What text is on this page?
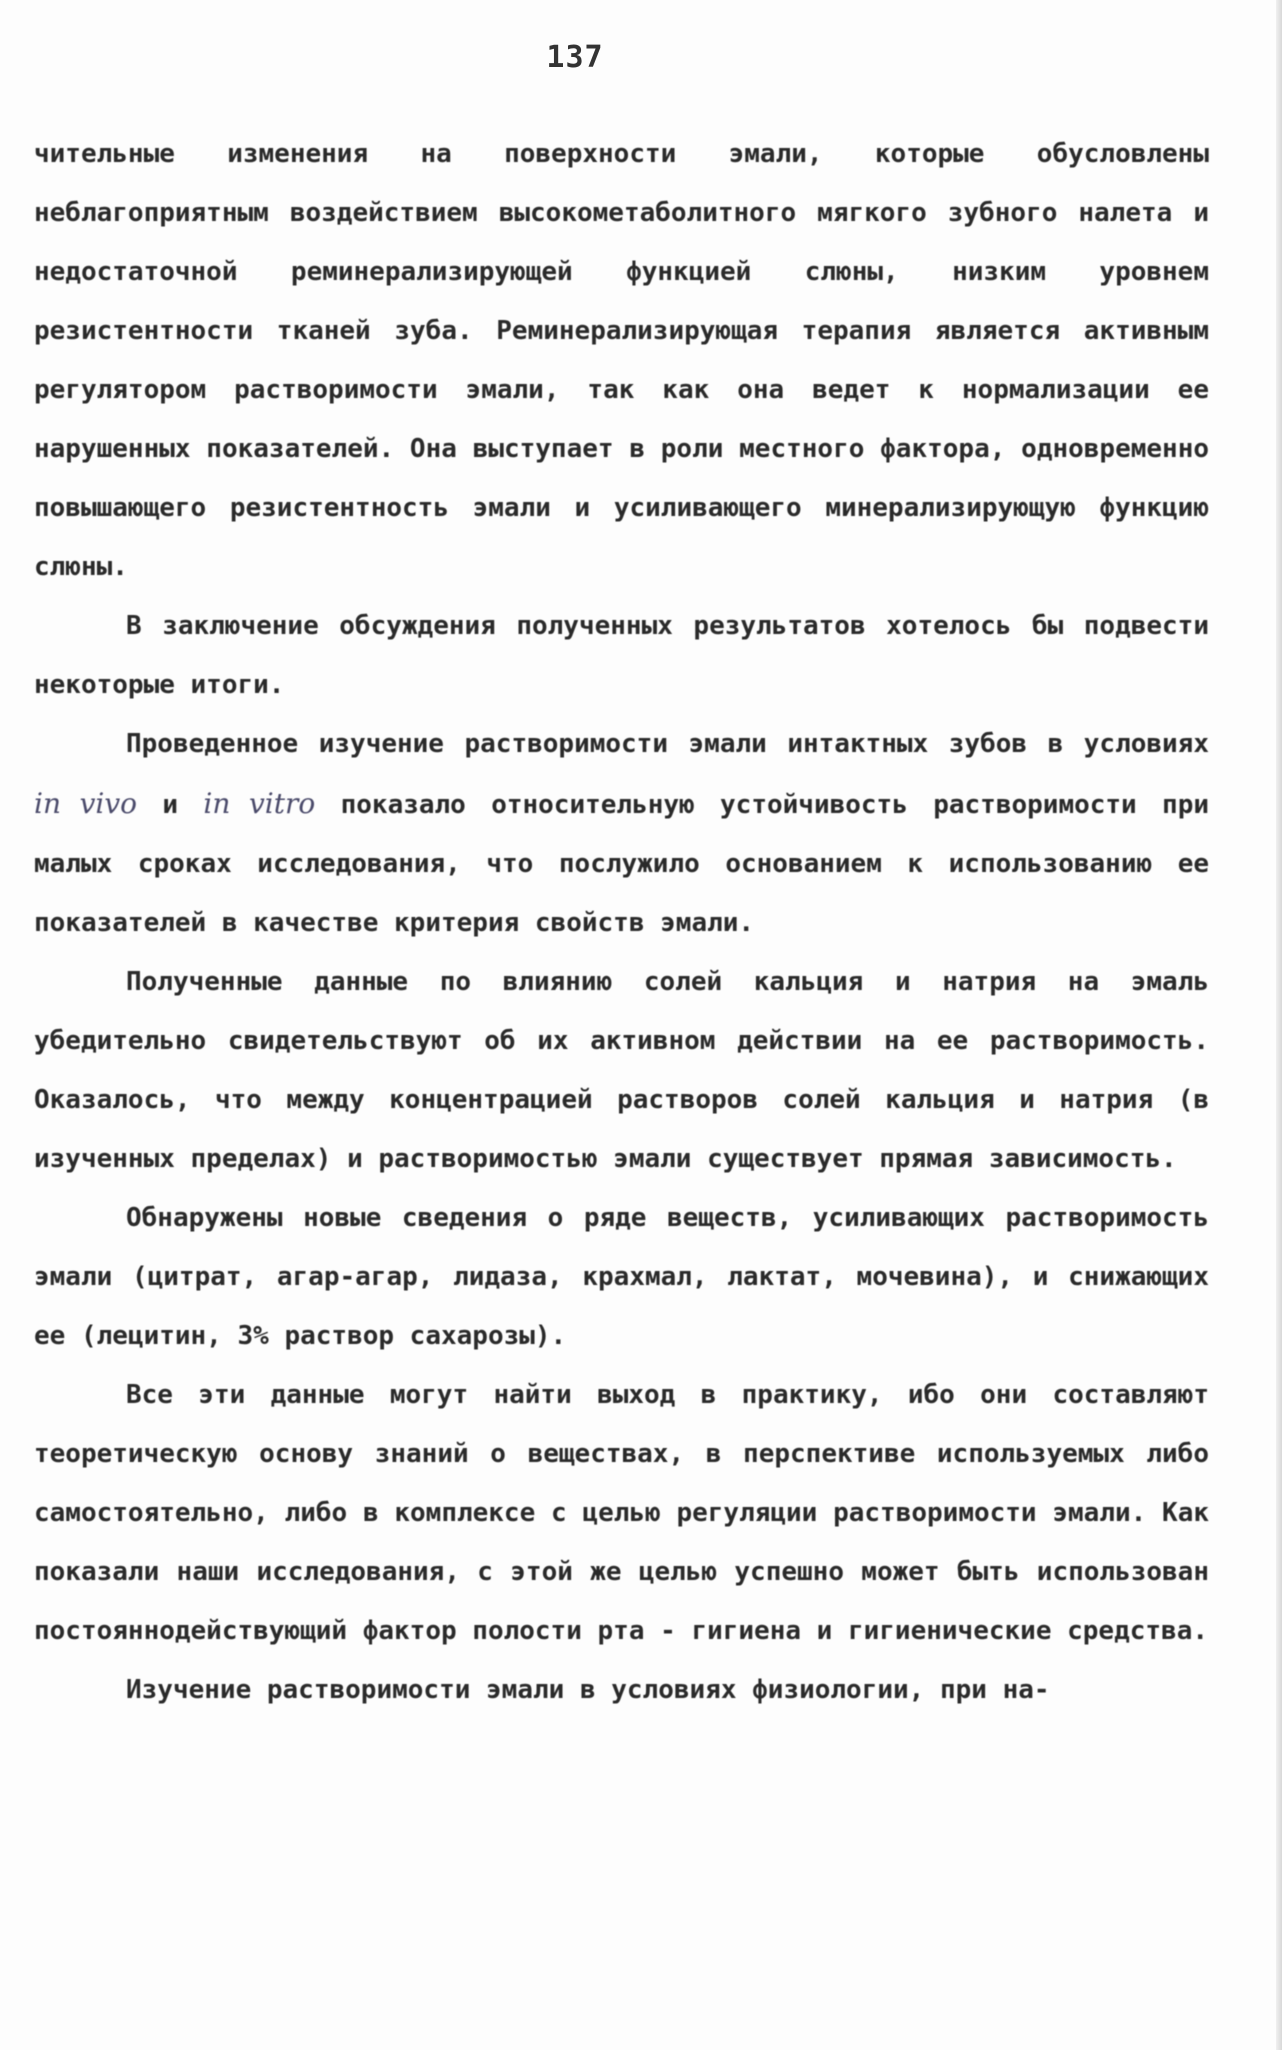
137

чительные изменения на поверхности эмали, которые обусловлены неблагоприятным воздействием высокометаболитного мягкого зубного налета и недостаточной реминерализирующей функцией слюны, низким уровнем резистентности тканей зуба. Реминерализирующая терапия является активным регулятором растворимости эмали, так как она ведет к нормализации ее нарушенных показателей. Она выступает в роли местного фактора, одновременно повышающего резистентность эмали и усиливающего минерализирующую функцию слюны.

В заключение обсуждения полученных результатов хотелось бы подвести некоторые итоги.

Проведенное изучение растворимости эмали интактных зубов в условиях in vivo и in vitro показало относительную устойчивость растворимости при малых сроках исследования, что послужило основанием к использованию ее показателей в качестве критерия свойств эмали.

Полученные данные по влиянию солей кальция и натрия на эмаль убедительно свидетельствуют об их активном действии на ее растворимость. Оказалось, что между концентрацией растворов солей кальция и натрия (в изученных пределах) и растворимостью эмали существует прямая зависимость.

Обнаружены новые сведения о ряде веществ, усиливающих растворимость эмали (цитрат, агар-агар, лидаза, крахмал, лактат, мочевина), и снижающих ее (лецитин, 3% раствор сахарозы).

Все эти данные могут найти выход в практику, ибо они составляют теоретическую основу знаний о веществах, в перспективе используемых либо самостоятельно, либо в комплексе с целью регуляции растворимости эмали. Как показали наши исследования, с этой же целью успешно может быть использован постояннодействующий фактор полости рта - гигиена и гигиенические средства.

Изучение растворимости эмали в условиях физиологии, при на-
